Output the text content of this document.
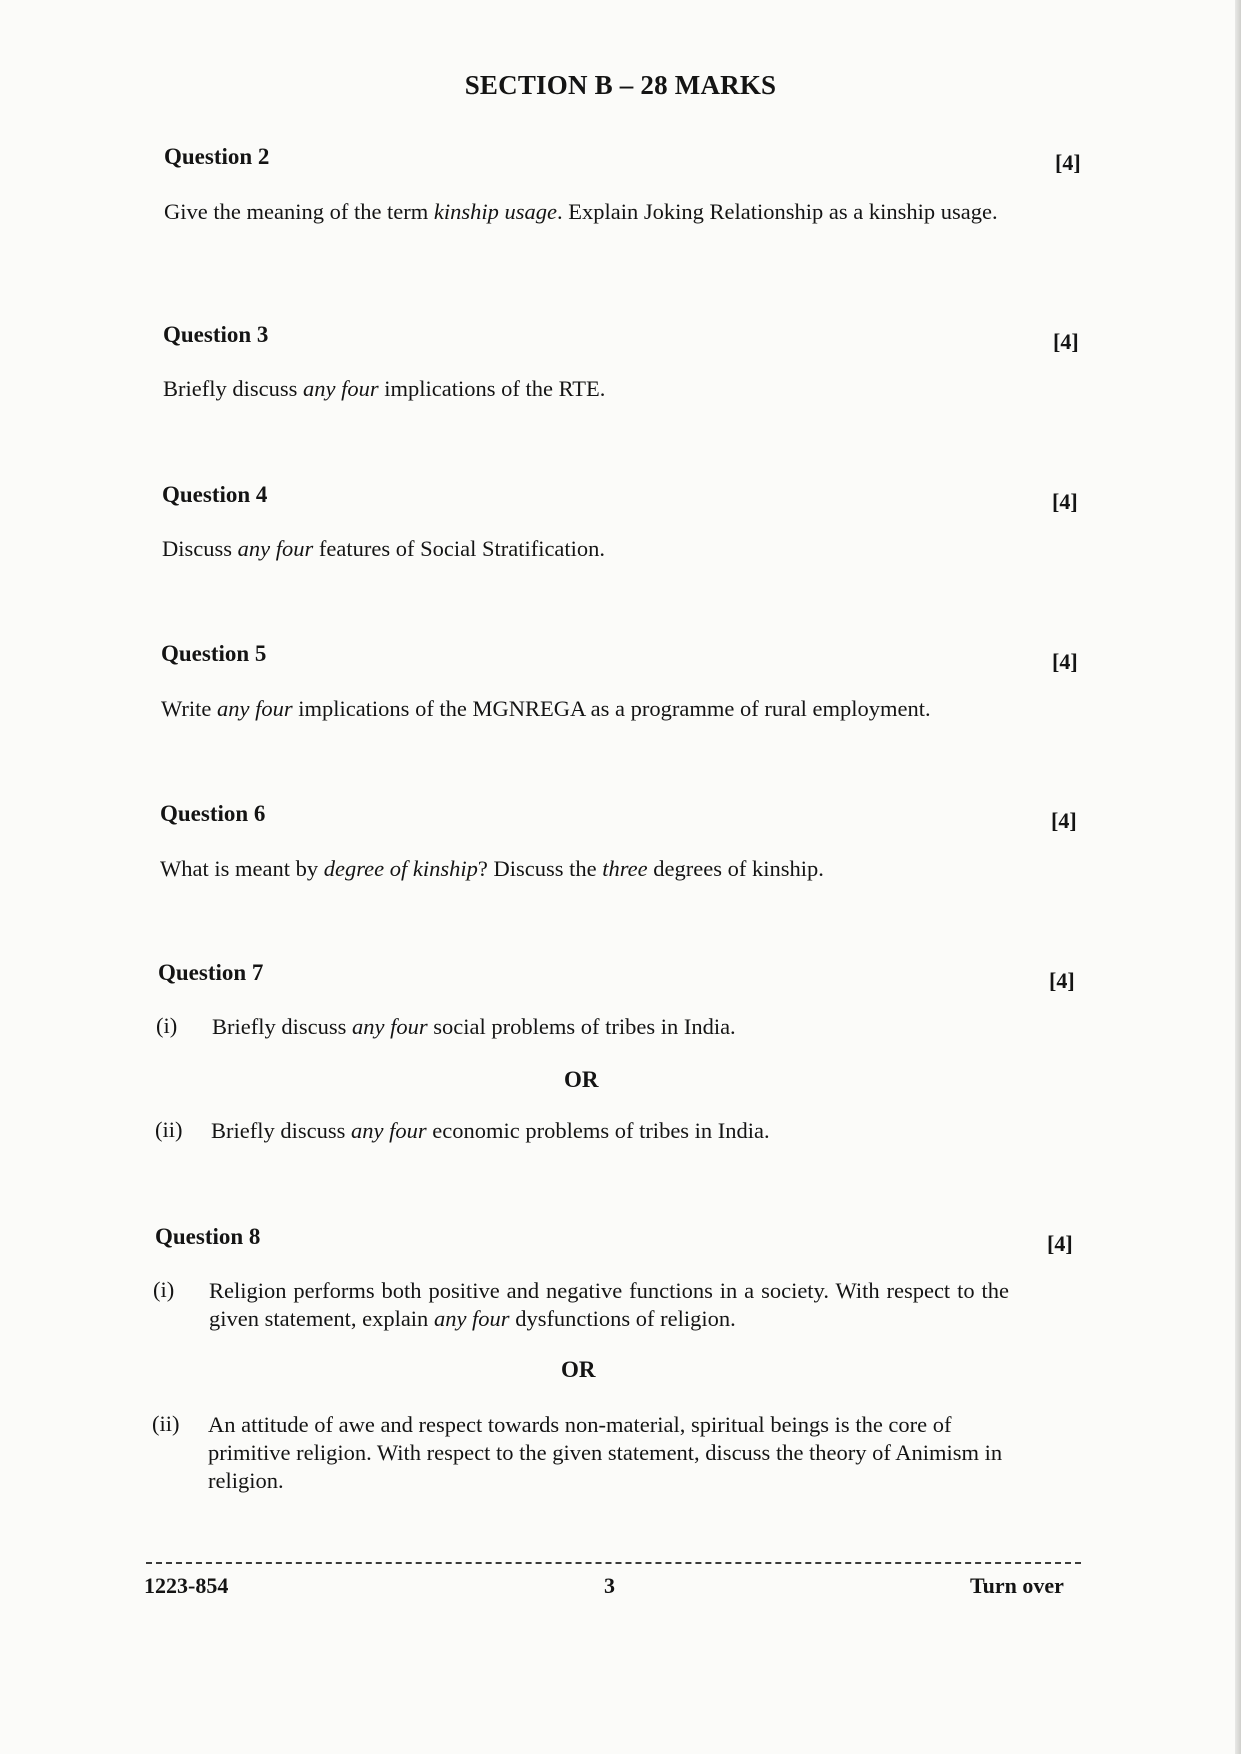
SECTION B – 28 MARKS
Question 2	[4]
Give the meaning of the term kinship usage. Explain Joking Relationship as a kinship usage.
Question 3	[4]
Briefly discuss any four implications of the RTE.
Question 4	[4]
Discuss any four features of Social Stratification.
Question 5	[4]
Write any four implications of the MGNREGA as a programme of rural employment.
Question 6	[4]
What is meant by degree of kinship? Discuss the three degrees of kinship.
Question 7	[4]
(i) Briefly discuss any four social problems of tribes in India.
OR
(ii) Briefly discuss any four economic problems of tribes in India.
Question 8	[4]
(i) Religion performs both positive and negative functions in a society. With respect to the given statement, explain any four dysfunctions of religion.
OR
(ii) An attitude of awe and respect towards non-material, spiritual beings is the core of primitive religion. With respect to the given statement, discuss the theory of Animism in religion.
1223-854	3	Turn over
